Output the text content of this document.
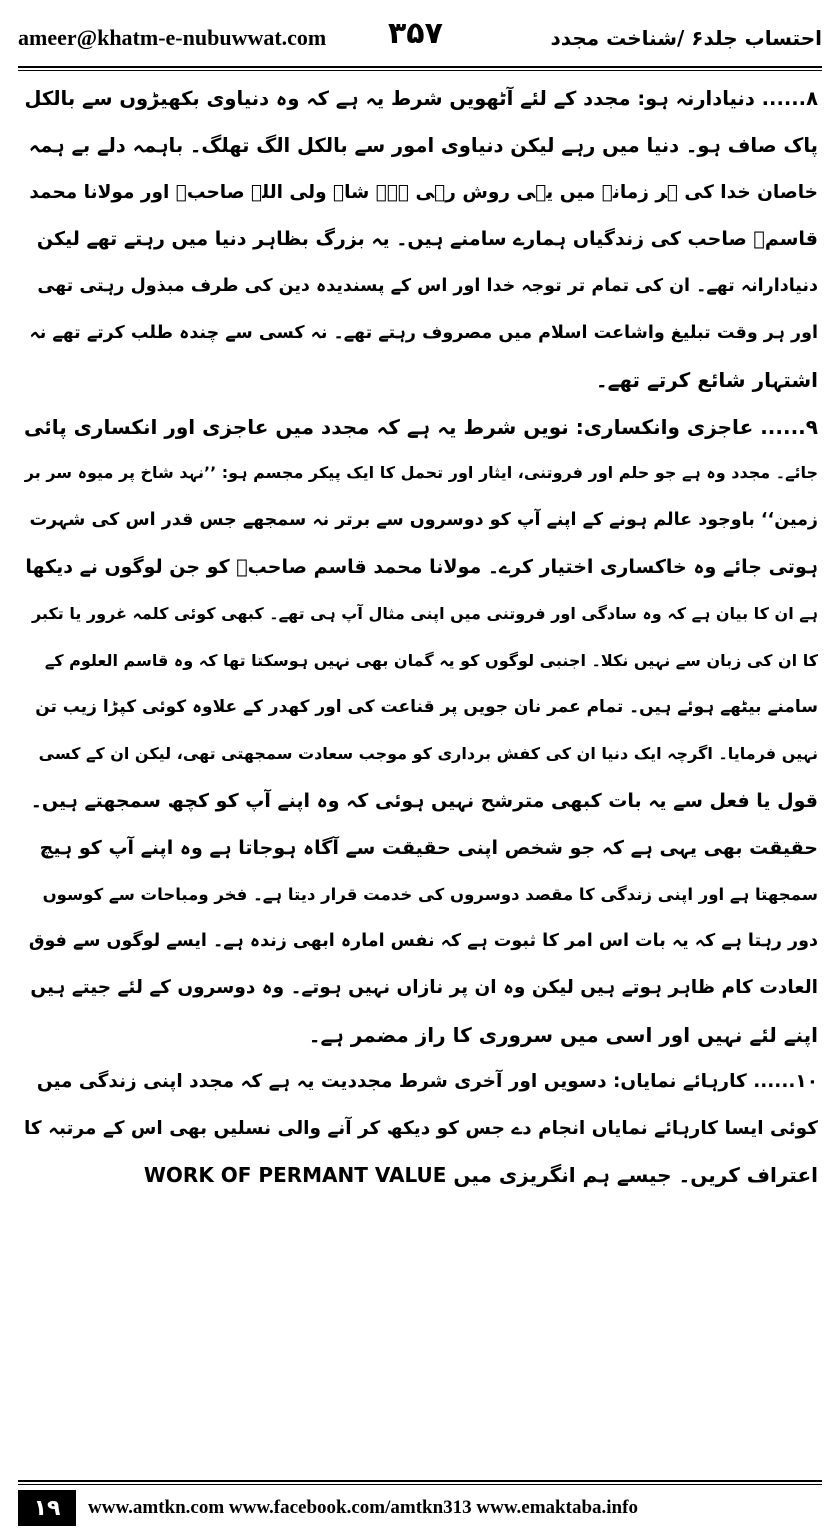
ameer@khatm-e-nubuwwat.com ۳۵۷	احتساب جلد۶ /شناخت مجدد
۸...... دنیادارنہ ہو: مجدد کے لئے آٹھویں شرط یہ ہے کہ وہ دنیاوی بکھیڑوں سے بالکل
پاک صاف ہو۔ دنیا میں رہے لیکن دنیاوی امور سے بالکل الگ تھلگ۔ باہمہ دلے بے ہمہ
خاصان خدا کی ہر زمانہ میں یہی روش رہی ہے۔ شاہ ولی اللہ صاحبؒ اور مولانا محمد
قاسمؒ صاحب کی زندگیاں ہمارے سامنے ہیں۔ یہ بزرگ بظاہر دنیا میں رہتے تھے لیکن
دنیادارانہ تھے۔ ان کی تمام تر توجہ خدا اور اس کے پسندیدہ دین کی طرف مبذول رہتی تھی
اور ہر وقت تبلیغ واشاعت اسلام میں مصروف رہتے تھے۔ نہ کسی سے چندہ طلب کرتے تھے نہ
اشتہار شائع کرتے تھے۔
۹...... عاجزی وانکساری: نویں شرط یہ ہے کہ مجدد میں عاجزی اور انکساری پائی
جائے۔ مجدد وہ ہے جو حلم اور فروتنی، ایثار اور تحمل کا ایک پیکر مجسم ہو: ’’نہد شاخ پر میوہ سر بر
زمین‘‘ باوجود عالم ہونے کے اپنے آپ کو دوسروں سے برتر نہ سمجھے جس قدر اس کی شہرت
ہوتی جائے وہ خاکساری اختیار کرے۔ مولانا محمد قاسم صاحبؒ کو جن لوگوں نے دیکھا
ہے ان کا بیان ہے کہ وہ سادگی اور فروتنی میں اپنی مثال آپ ہی تھے۔ کبھی کوئی کلمہ غرور یا تکبر
کا ان کی زبان سے نہیں نکلا۔ اجنبی لوگوں کو یہ گمان بھی نہیں ہوسکتا تھا کہ وہ قاسم العلوم کے
سامنے بیٹھے ہوئے ہیں۔ تمام عمر نان جویں پر قناعت کی اور کھدر کے علاوہ کوئی کپڑا زیب تن
نہیں فرمایا۔ اگرچہ ایک دنیا ان کی کفش برداری کو موجب سعادت سمجھتی تھی، لیکن ان کے کسی
قول یا فعل سے یہ بات کبھی مترشح نہیں ہوئی کہ وہ اپنے آپ کو کچھ سمجھتے ہیں۔
حقیقت بھی یہی ہے کہ جو شخص اپنی حقیقت سے آگاہ ہوجاتا ہے وہ اپنے آپ کو ہیچ
سمجھتا ہے اور اپنی زندگی کا مقصد دوسروں کی خدمت قرار دیتا ہے۔ فخر ومباحات سے کوسوں
دور رہتا ہے کہ یہ بات اس امر کا ثبوت ہے کہ نفس امارہ ابھی زندہ ہے۔ ایسے لوگوں سے فوق
العادت کام ظاہر ہوتے ہیں لیکن وہ ان پر نازاں نہیں ہوتے۔ وہ دوسروں کے لئے جیتے ہیں
اپنے لئے نہیں اور اسی میں سروری کا راز مضمر ہے۔
۱۰...... کارہائے نمایاں: دسویں اور آخری شرط مجددیت یہ ہے کہ مجدد اپنی زندگی میں
کوئی ایسا کارہائے نمایاں انجام دے جس کو دیکھ کر آنے والی نسلیں بھی اس کے مرتبہ کا
اعتراف کریں۔ جیسے ہم انگریزی میں WORK OF PERMANT VALUE
۱۹	www.amtkn.com www.facebook.com/amtkn313 www.emaktaba.info
